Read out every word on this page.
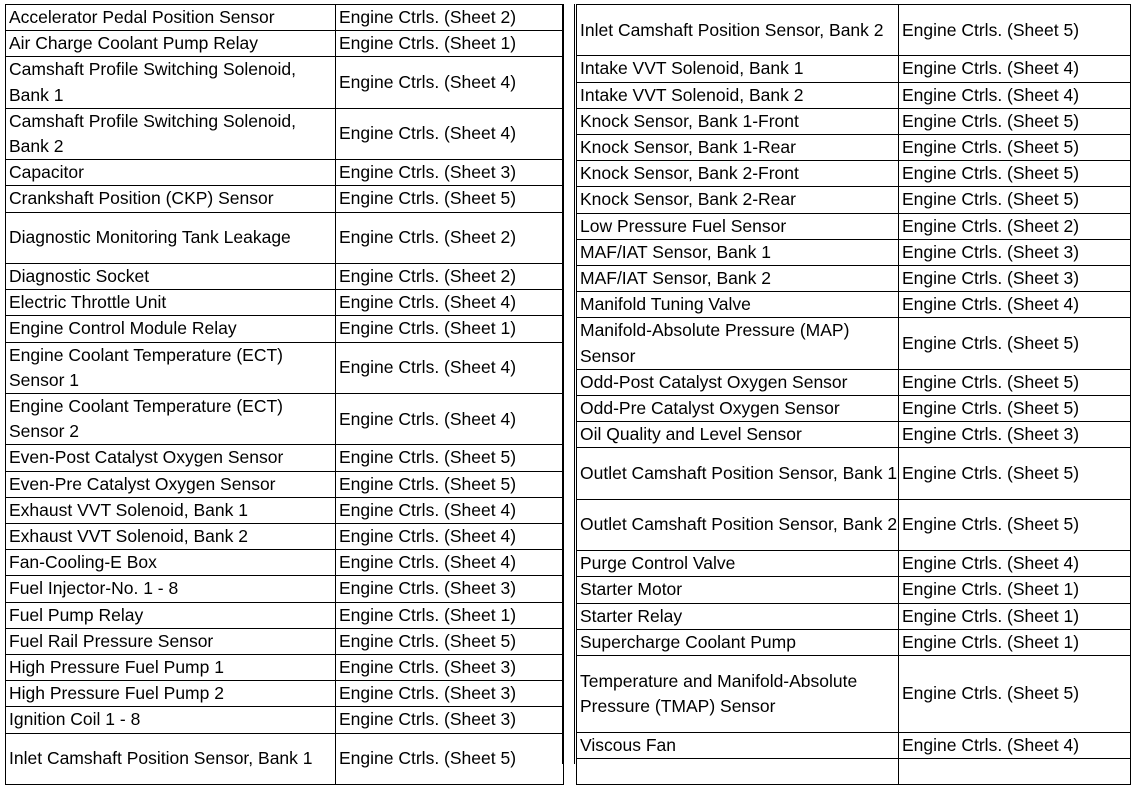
Accelerator Pedal Position Sensor	Engine Ctrls. (Sheet 2)
Air Charge Coolant Pump Relay	Engine Ctrls. (Sheet 1)
Camshaft Profile Switching Solenoid, Bank 1	Engine Ctrls. (Sheet 4)
Camshaft Profile Switching Solenoid, Bank 2	Engine Ctrls. (Sheet 4)
Capacitor	Engine Ctrls. (Sheet 3)
Crankshaft Position (CKP) Sensor	Engine Ctrls. (Sheet 5)
Diagnostic Monitoring Tank Leakage	Engine Ctrls. (Sheet 2)
Diagnostic Socket	Engine Ctrls. (Sheet 2)
Electric Throttle Unit	Engine Ctrls. (Sheet 4)
Engine Control Module Relay	Engine Ctrls. (Sheet 1)
Engine Coolant Temperature (ECT) Sensor 1	Engine Ctrls. (Sheet 4)
Engine Coolant Temperature (ECT) Sensor 2	Engine Ctrls. (Sheet 4)
Even-Post Catalyst Oxygen Sensor	Engine Ctrls. (Sheet 5)
Even-Pre Catalyst Oxygen Sensor	Engine Ctrls. (Sheet 5)
Exhaust VVT Solenoid, Bank 1	Engine Ctrls. (Sheet 4)
Exhaust VVT Solenoid, Bank 2	Engine Ctrls. (Sheet 4)
Fan-Cooling-E Box	Engine Ctrls. (Sheet 4)
Fuel Injector-No. 1 - 8	Engine Ctrls. (Sheet 3)
Fuel Pump Relay	Engine Ctrls. (Sheet 1)
Fuel Rail Pressure Sensor	Engine Ctrls. (Sheet 5)
High Pressure Fuel Pump 1	Engine Ctrls. (Sheet 3)
High Pressure Fuel Pump 2	Engine Ctrls. (Sheet 3)
Ignition Coil 1 - 8	Engine Ctrls. (Sheet 3)
Inlet Camshaft Position Sensor, Bank 1	Engine Ctrls. (Sheet 5)
Inlet Camshaft Position Sensor, Bank 2	Engine Ctrls. (Sheet 5)
Intake VVT Solenoid, Bank 1	Engine Ctrls. (Sheet 4)
Intake VVT Solenoid, Bank 2	Engine Ctrls. (Sheet 4)
Knock Sensor, Bank 1-Front	Engine Ctrls. (Sheet 5)
Knock Sensor, Bank 1-Rear	Engine Ctrls. (Sheet 5)
Knock Sensor, Bank 2-Front	Engine Ctrls. (Sheet 5)
Knock Sensor, Bank 2-Rear	Engine Ctrls. (Sheet 5)
Low Pressure Fuel Sensor	Engine Ctrls. (Sheet 2)
MAF/IAT Sensor, Bank 1	Engine Ctrls. (Sheet 3)
MAF/IAT Sensor, Bank 2	Engine Ctrls. (Sheet 3)
Manifold Tuning Valve	Engine Ctrls. (Sheet 4)
Manifold-Absolute Pressure (MAP) Sensor	Engine Ctrls. (Sheet 5)
Odd-Post Catalyst Oxygen Sensor	Engine Ctrls. (Sheet 5)
Odd-Pre Catalyst Oxygen Sensor	Engine Ctrls. (Sheet 5)
Oil Quality and Level Sensor	Engine Ctrls. (Sheet 3)
Outlet Camshaft Position Sensor, Bank 1	Engine Ctrls. (Sheet 5)
Outlet Camshaft Position Sensor, Bank 2	Engine Ctrls. (Sheet 5)
Purge Control Valve	Engine Ctrls. (Sheet 4)
Starter Motor	Engine Ctrls. (Sheet 1)
Starter Relay	Engine Ctrls. (Sheet 1)
Supercharge Coolant Pump	Engine Ctrls. (Sheet 1)
Temperature and Manifold-Absolute Pressure (TMAP) Sensor	Engine Ctrls. (Sheet 5)
Viscous Fan	Engine Ctrls. (Sheet 4)
